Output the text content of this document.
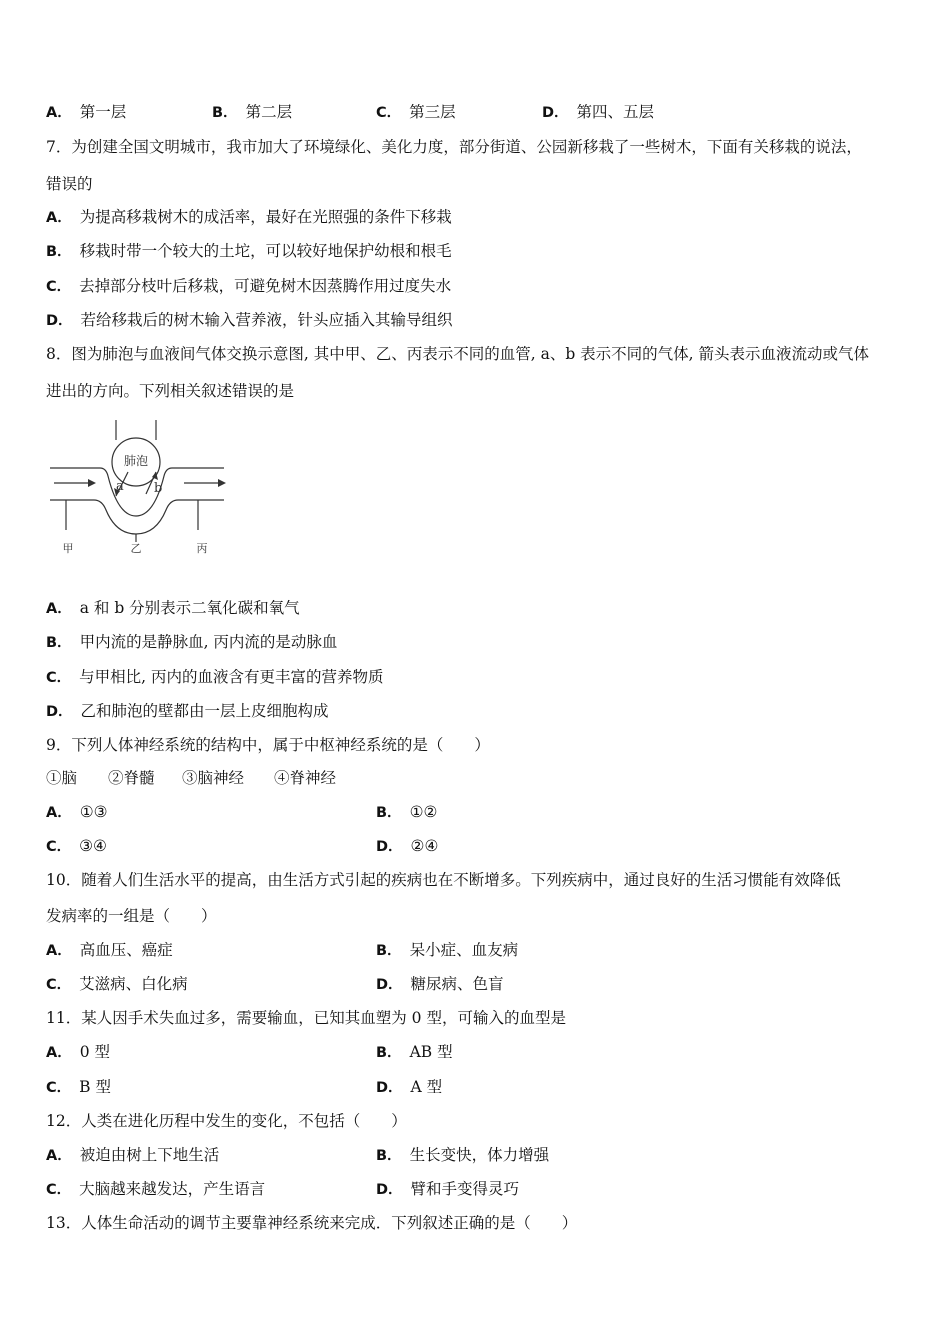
A． 第一层	B． 第二层	C． 第三层	D． 第四、五层
7．为创建全国文明城市，我市加大了环境绿化、美化力度，部分街道、公园新移栽了一些树木，下面有关移栽的说法，
错误的
A． 为提高移栽树木的成活率，最好在光照强的条件下移栽
B． 移栽时带一个较大的土坨，可以较好地保护幼根和根毛
C． 去掉部分枝叶后移栽，可避免树木因蒸腾作用过度失水
D． 若给移栽后的树木输入营养液，针头应插入其输导组织
8．图为肺泡与血液间气体交换示意图, 其中甲、乙、丙表示不同的血管, a、b 表示不同的气体, 箭头表示血液流动或气体
进出的方向。下列相关叙述错误的是
肺泡
a b
甲	乙	丙
A． a 和 b 分别表示二氧化碳和氧气
B． 甲内流的是静脉血, 丙内流的是动脉血
C． 与甲相比, 丙内的血液含有更丰富的营养物质
D． 乙和肺泡的壁都由一层上皮细胞构成
9．下列人体神经系统的结构中，属于中枢神经系统的是（　　）
①脑 ②脊髓 ③脑神经 ④脊神经
A． ①③	B． ①②
C． ③④	D． ②④
10．随着人们生活水平的提高，由生活方式引起的疾病也在不断增多。下列疾病中，通过良好的生活习惯能有效降低
发病率的一组是（　　）
A． 高血压、癌症	B． 呆小症、血友病
C． 艾滋病、白化病	D． 糖尿病、色盲
11．某人因手术失血过多，需要输血，已知其血塑为 0 型，可输入的血型是
A． 0 型	B． AB 型
C． B 型	D． A 型
12．人类在进化历程中发生的变化，不包括（　　）
A． 被迫由树上下地生活	B． 生长变快，体力增强
C． 大脑越来越发达，产生语言	D． 臂和手变得灵巧
13．人体生命活动的调节主要靠神经系统来完成．下列叙述正确的是（　　）
